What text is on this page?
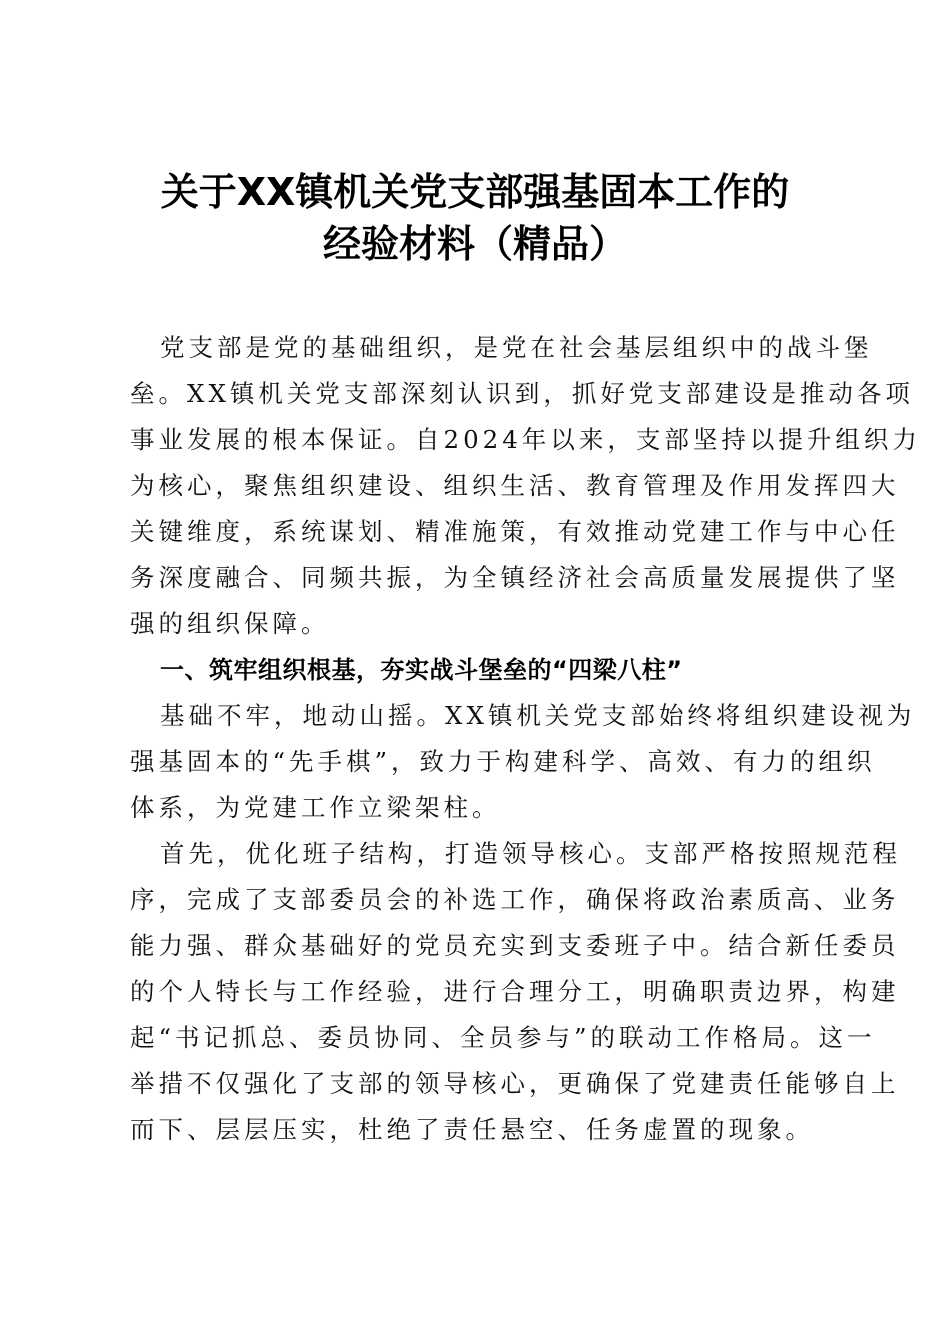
关于XX镇机关党支部强基固本工作的
经验材料（精品）
党支部是党的基础组织，是党在社会基层组织中的战斗堡
垒。XX镇机关党支部深刻认识到，抓好党支部建设是推动各项
事业发展的根本保证。自2024年以来，支部坚持以提升组织力
为核心，聚焦组织建设、组织生活、教育管理及作用发挥四大
关键维度，系统谋划、精准施策，有效推动党建工作与中心任
务深度融合、同频共振，为全镇经济社会高质量发展提供了坚
强的组织保障。
一、筑牢组织根基，夯实战斗堡垒的“四梁八柱”
基础不牢，地动山摇。XX镇机关党支部始终将组织建设视为
强基固本的“先手棋”，致力于构建科学、高效、有力的组织
体系，为党建工作立梁架柱。
首先，优化班子结构，打造领导核心。支部严格按照规范程
序，完成了支部委员会的补选工作，确保将政治素质高、业务
能力强、群众基础好的党员充实到支委班子中。结合新任委员
的个人特长与工作经验，进行合理分工，明确职责边界，构建
起“书记抓总、委员协同、全员参与”的联动工作格局。这一
举措不仅强化了支部的领导核心，更确保了党建责任能够自上
而下、层层压实，杜绝了责任悬空、任务虚置的现象。
